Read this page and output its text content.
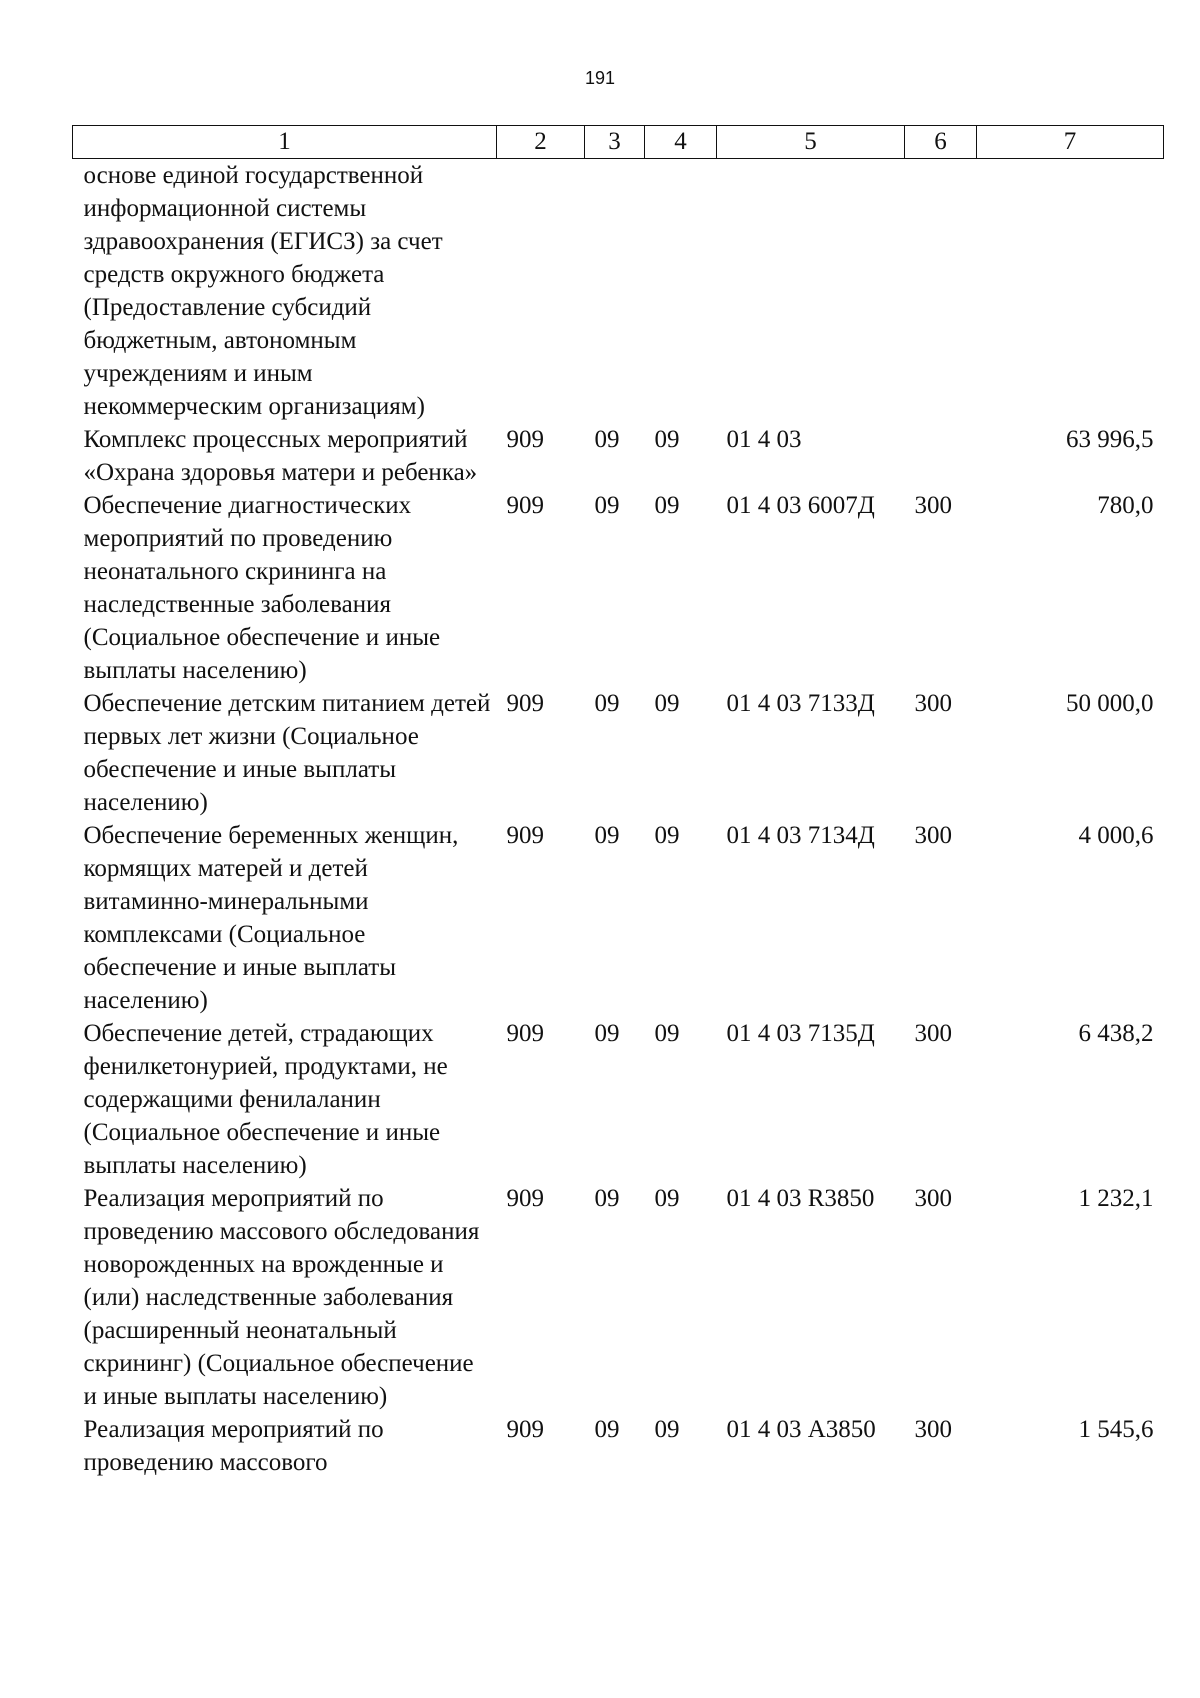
191
1	2	3	4	5	6	7
основе единой государственной информационной системы здравоохранения (ЕГИСЗ) за счет средств окружного бюджета (Предоставление субсидий бюджетным, автономным учреждениям и иным некоммерческим организациям)						
Комплекс процессных мероприятий «Охрана здоровья матери и ребенка»	909	09	09	01 4 03		63 996,5
Обеспечение диагностических мероприятий по проведению неонатального скрининга на наследственные заболевания (Социальное обеспечение и иные выплаты населению)	909	09	09	01 4 03 6007Д	300	780,0
Обеспечение детским питанием детей первых лет жизни (Социальное обеспечение и иные выплаты населению)	909	09	09	01 4 03 7133Д	300	50 000,0
Обеспечение беременных женщин, кормящих матерей и детей витаминно-минеральными комплексами (Социальное обеспечение и иные выплаты населению)	909	09	09	01 4 03 7134Д	300	4 000,6
Обеспечение детей, страдающих фенилкетонурией, продуктами, не содержащими фенилаланин (Социальное обеспечение и иные выплаты населению)	909	09	09	01 4 03 7135Д	300	6 438,2
Реализация мероприятий по проведению массового обследования новорожденных на врожденные и (или) наследственные заболевания (расширенный неонатальный скрининг) (Социальное обеспечение и иные выплаты населению)	909	09	09	01 4 03 R3850	300	1 232,1
Реализация мероприятий по проведению массового	909	09	09	01 4 03 А3850	300	1 545,6
